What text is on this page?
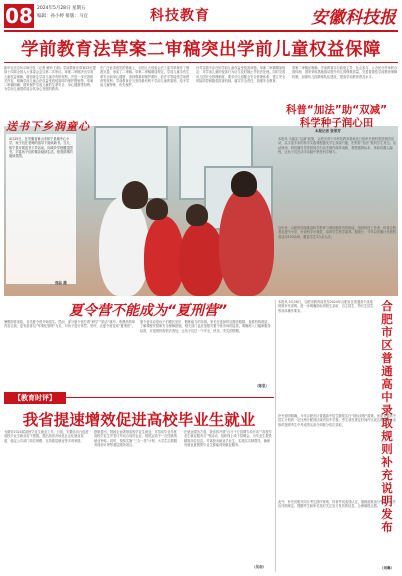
08 2024年5月28日 星期五
编辑：孙小婷 排版：马宜	科技教育	安徽科技报
学前教育法草案二审稿突出学前儿童权益保障
新华社北京5月28日电（记者 黄帅 白阳）学前教育法草案28日提请十四届全国人大常委会会议第二次审议。草案二审稿突出学前儿童权益保障，增加规定学前儿童享有的权利，并进一步完善相关内容，明确学前儿童合法权益受到侵害时的保护措施等。草案二审稿明确：国家保护学前儿童的生命安全、身心健康等权利，为学前儿童提供适合其身心发展的教育。
在广泛征求意见的基础上，全国人大常委会法工委对草案作了修改完善，形成了二审稿。草案二审稿增加规定，学前儿童享有生命安全和身心健康、得到尊重和保护照料、依法平等接受学前教育等权利；学前教育应当坚持最有利于学前儿童的原则，给予学前儿童特殊、优先保护。
针对实践中存在的学前儿童权益受侵害问题，草案二审稿增加规定：对学前儿童的侵害行为应当及时制止并依法处理。同时完善幼儿园安全管理制度，要求幼儿园健全安全管理体系，建立安全风险防控和隐患排查机制，落实安全责任，加强安全教育。
草案二审稿还明确，学前教育实行政府主导、社会参与、公办民办并举的办园体制，国家采取措施推动提升幼儿园保教质量，完善普惠性学前教育保障机制，加强幼儿园教师队伍建设，提高学前教育普及水平。
送书下乡润童心
4月25日，在安徽省黄山市休宁县城中心小学，孩子们在老师的指导下阅读新书。当天，休宁县开展送书下乡活动，向城乡学校赠送图书，丰富孩子们的课余阅读生活，营造浓厚的阅读氛围。
郑品 摄
科普“加法”助“双减”
科学种子润心田
本报记者 张翠芳
本报讯 为落实“双减”政策，合肥市青少年科技教育基地近日组织开展科普进校园活动，以丰富多彩的科学实践课程激发学生探索兴趣，把科普“加法”做到学生身边。活动现场，科技辅导员带领同学们动手制作简易电路、观察植物标本、体验机器人编程，让孩子们在动手动脑中感受科学魅力。
近年来，合肥市持续推进科学教育与课后服务有效衔接，组织科技工作者、科普志愿者走进中小学，开设科学小课堂，培育学生科学素养。据统计，今年以来累计开展科普活动120余场，覆盖学生3万余人次。
夏令营不能成为“夏刑营”
暑假即将来临，各类夏令营开始招生。然而，部分夏令营打着“研学”“励志”旗号，收费高昂却内容空洞，更有甚者以“军事化管理”为名，对孩子进行体罚、恐吓，让夏令营变成“夏刑营”。
夏令营本应是孩子们增长见识、锻炼能力的乐园。家长在选择时应擅亮眼睛，查看机构资质，了解课程安排和安全保障措施。相关部门也应加强对夏令营市场的监管，明确准入门槛和服务标准，对违规机构依法查处，让孩子们过一个安全、快乐、充实的假期。
（陈思）
本报讯 5月28日，合肥市教育局发布2024年合肥市区普通高中录取规则补充说明，进一步明确指标到校生录取、自主招生、特长生招生等具体操作要求。	合肥市区普通高中录取规则补充说明发布
补充说明明确，今年合肥市区普通高中招生继续实行“指标到校”政策，优质普通高中招生计划的一定比例分配到区域内初中学校。考生须在规定时间内完成志愿填报，录取时按照考生中考成绩从高分到低分依次录取。
此外，补充说明对同分考生排序规则、体育考试成绩认定、照顾政策加分等事项也作出详细规定，提醒考生和家长及时关注官方发布的信息，合理填报志愿。
（刘琳）
【教育时评】
我省提速增效促进高校毕业生就业
为做好2024届高校毕业生就业工作，日前，安徽省出台促进高校毕业生就业若干措施，提出拓宽市场化社会化就业渠道、稳定公共部门岗位规模、支持基层就业等多项举措。
措施提出，鼓励企业吸纳高校毕业生就业，对招用毕业年度高校毕业生并签订劳动合同的企业，按规定给予一次性吸纳就业补贴。同时，持续实施“三支一扶”计划、大学生志愿服务西部计划等基层服务项目。
在就业服务方面，我省将开展“百日千万招聘专项行动”“高校毕业生就业服务月”等活动，组织线上线下招聘会，为毕业生提供精准岗位信息。对离校未就业毕业生，实施实名制帮扶，确保有就业意愿的毕业生都能得到就业服务。
（吴羽）
